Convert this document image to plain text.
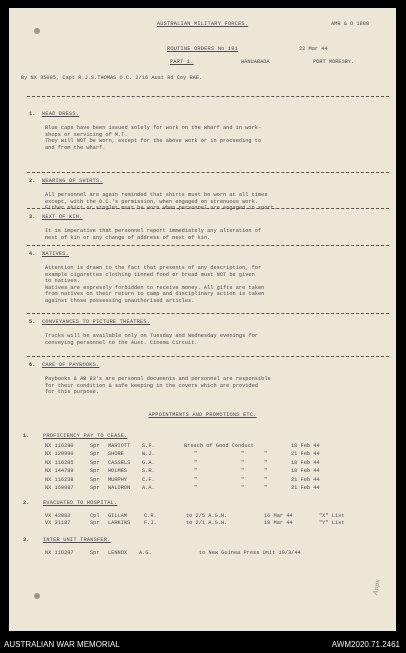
AUSTRALIAN MILITARY FORCES.	AMR & O 1888
ROUTINE ORDERS No 191	22 Mar 44
PART 1.	HANUABADA	PORT MORESBY.
By NX 35085, Capt R.J.S.THOMAS O.C. 2/16 Aust Rd Coy RAE.
1. HEAD DRESS.
Blue caps have been issued solely for work on the wharf and in work-
shops or servicing of M.T.
They will NOT be worn, except for the above work or in proceeding to
and from the wharf.
2. WEARING OF SHIRTS.
All personnel are again reminded that shirts must be worn at all times
except, with the O.C.'s permission, when engaged on strenuous work.
Either shirt or singlet must be worn when personnel are engaged in sport.
3. NEXT OF KIN.
It is imperative that personnel report immediately any alteration of
next of kin or any change of address of next of kin.
4. NATIVES.
Attention is drawn to the fact that presents of any description, for
example cigarettes clothing tinned food or bread must NOT be given
to natives.
Natives are expressly forbidden to receive money. All gifts are taken
from natives on their return to camp and disciplinary action is taken
against those possessing unauthorised articles.
5. CONVEYANCES TO PICTURE THEATRES.
Trucks will be available only on Tuesday and Wednesday evenings for
conveying personnel to the Aust. Cinema Circuit.
6. CARE OF PAYBOOKS.
Paybooks & AB 83's are personal documents and personnel are responsible
for their condition & safe keeping in the covers which are provided
for this purpose.
APPOINTMENTS AND PROMOTIONS ETC.
1.	PROFICIENCY PAY TO CEASE.
NX 116280	Spr MARIOTT S.F.	Breach of Good Conduct	18 Feb 44
NX 129990	Spr SHORE	W.J.	"	"	"	21 Feb 44
NX 116285	Spr CASSELS G.A.	"	"	"	18 Feb 44
NX 144789	Spr HOLMES	S.R.	"	"	"	18 Feb 44
NX 116238	Spr MURPHY	C.F.	"	"	"	21 Feb 44
NX 169987	Spr WALDRON A.A.	"	"	"	21 Feb 44
2.	EVACUATED TO HOSPITAL.
VX 42883	Cpl GILLAM	C.R.	to 2/5 A.G.H.	16 Mar 44	"X" List
VX 31187	Spr LARKINS	F.J.	to 2/1 A.G.H.	18 Mar 44	"Y" List
3.	INTER UNIT TRANSFER.
NX 116297	Spr LENNOX A.G.	to New Guinea Press Unit 19/3/44
Appx
AUSTRALIAN WAR MEMORIAL	AWM2020.71.2461
